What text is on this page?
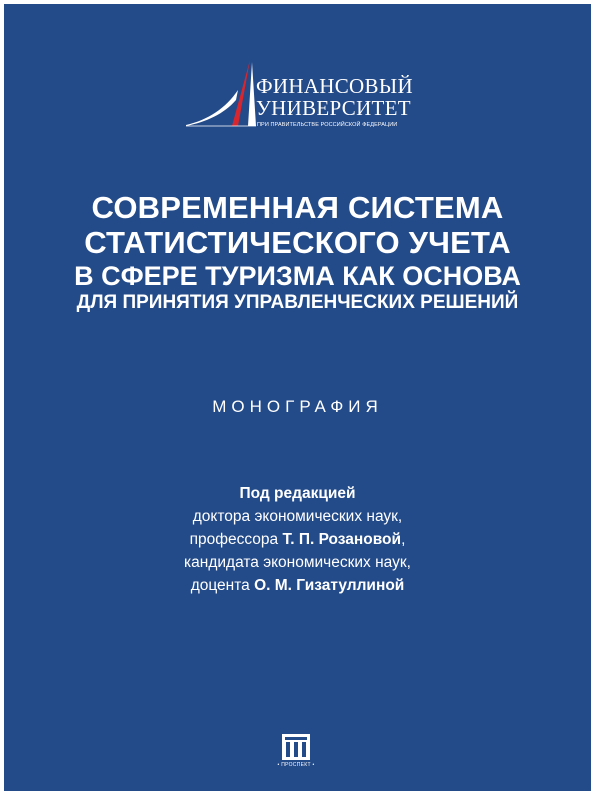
ФИНАНСОВЫЙ
УНИВЕРСИТЕТ
ПРИ ПРАВИТЕЛЬСТВЕ РОССИЙСКОЙ ФЕДЕРАЦИИ
СОВРЕМЕННАЯ СИСТЕМА
СТАТИСТИЧЕСКОГО УЧЕТА
В СФЕРЕ ТУРИЗМА КАК ОСНОВА
ДЛЯ ПРИНЯТИЯ УПРАВЛЕНЧЕСКИХ РЕШЕНИЙ
МОНОГРАФИЯ
Под редакцией
доктора экономических наук,
профессора Т. П. Розановой,
кандидата экономических наук,
доцента О. М. Гизатуллиной
• ПРОСПЕКТ •
